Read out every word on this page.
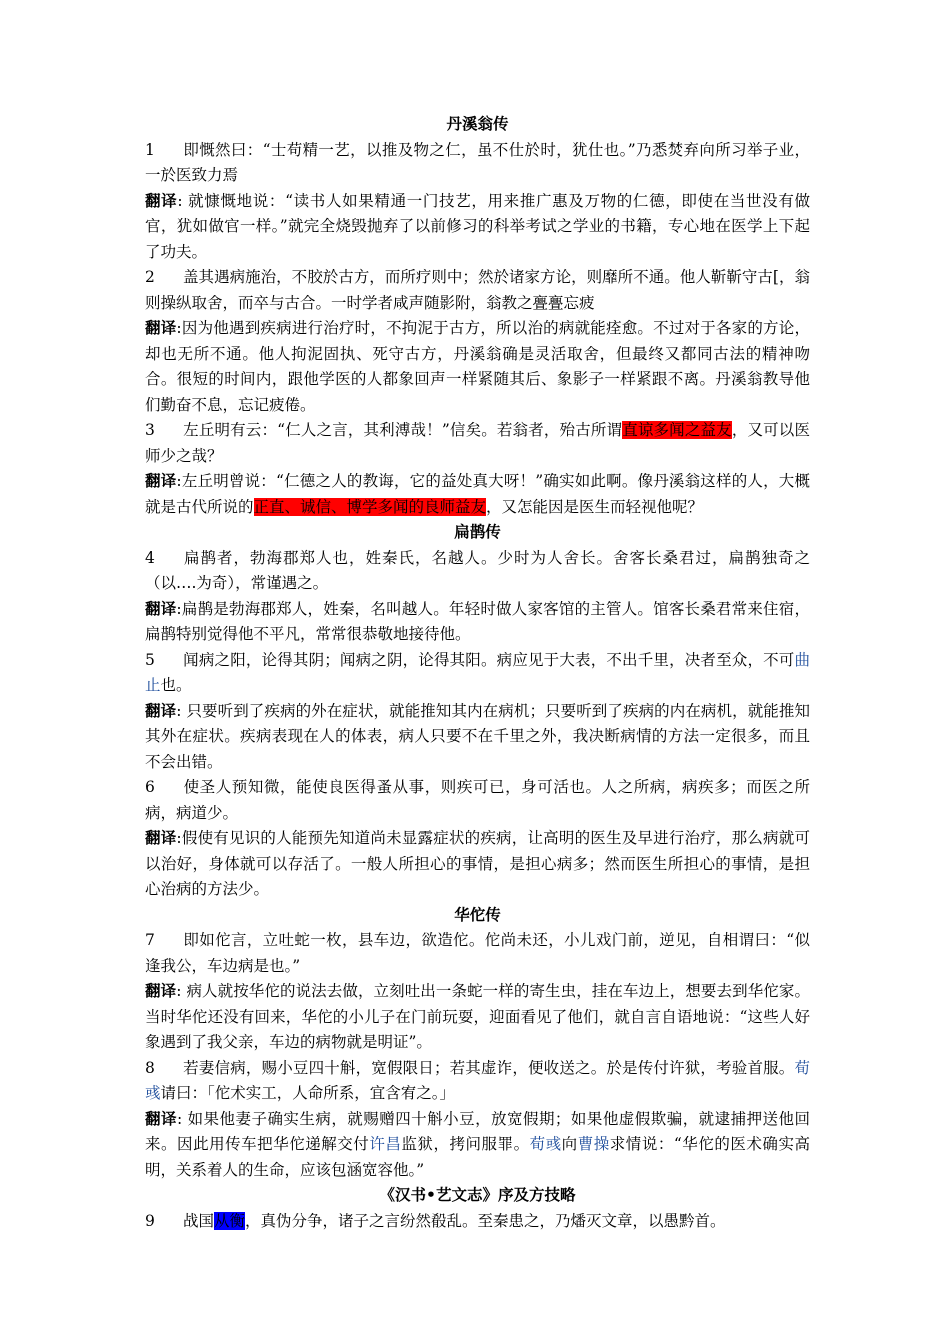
丹溪翁传

1 即慨然曰：“士苟精一艺，以推及物之仁，虽不仕於时，犹仕也。”乃悉焚弃向所习举子业，一於医致力焉

翻译: 就慷慨地说：“读书人如果精通一门技艺，用来推广惠及万物的仁德，即使在当世没有做官，犹如做官一样。”就完全烧毁抛弃了以前修习的科举考试之学业的书籍，专心地在医学上下起了功夫。

2 盖其遇病施治，不胶於古方，而所疗则中；然於诸家方论，则靡所不通。他人靳靳守古[，翁则操纵取舍，而卒与古合。一时学者咸声随影附，翁教之亹亹忘疲

翻译:因为他遇到疾病进行治疗时，不拘泥于古方，所以治的病就能痊愈。不过对于各家的方论，却也无所不通。他人拘泥固执、死守古方，丹溪翁确是灵活取舍，但最终又都同古法的精神吻合。很短的时间内，跟他学医的人都象回声一样紧随其后、象影子一样紧跟不离。丹溪翁教导他们勤奋不息，忘记疲倦。

3 左丘明有云：“仁人之言，其利溥哉！”信矣。若翁者，殆古所谓直谅多闻之益友，又可以医师少之哉？

翻译:左丘明曾说：“仁德之人的教诲，它的益处真大呀！”确实如此啊。像丹溪翁这样的人，大概就是古代所说的正直、诚信、博学多闻的良师益友，又怎能因是医生而轻视他呢？

扁鹊传

4 扁鹊者，勃海郡郑人也，姓秦氏，名越人。少时为人舍长。舍客长桑君过，扁鹊独奇之（以….为奇），常谨遇之。

翻译:扁鹊是勃海郡郑人，姓秦，名叫越人。年轻时做人家客馆的主管人。馆客长桑君常来住宿，扁鹊特别觉得他不平凡，常常很恭敬地接待他。

5 闻病之阳，论得其阴；闻病之阴，论得其阳。病应见于大表，不出千里，决者至众，不可曲止也。

翻译: 只要听到了疾病的外在症状，就能推知其内在病机；只要听到了疾病的内在病机，就能推知其外在症状。疾病表现在人的体表，病人只要不在千里之外，我决断病情的方法一定很多，而且不会出错。

6 使圣人预知微，能使良医得蚤从事，则疾可已，身可活也。人之所病，病疾多；而医之所病，病道少。

翻译:假使有见识的人能预先知道尚未显露症状的疾病，让高明的医生及早进行治疗，那么病就可以治好，身体就可以存活了。一般人所担心的事情，是担心病多；然而医生所担心的事情，是担心治病的方法少。

华佗传

7 即如佗言，立吐蛇一枚，县车边，欲造佗。佗尚未还，小儿戏门前，逆见，自相谓曰：“似逢我公，车边病是也。”

翻译: 病人就按华佗的说法去做，立刻吐出一条蛇一样的寄生虫，挂在车边上，想要去到华佗家。当时华佗还没有回来，华佗的小儿子在门前玩耍，迎面看见了他们，就自言自语地说：“这些人好象遇到了我父亲，车边的病物就是明证”。

8 若妻信病，赐小豆四十斛，宽假限日；若其虚诈，便收送之。於是传付许狱，考验首服。荀彧请曰：「佗术实工，人命所系，宜含宥之。」

翻译: 如果他妻子确实生病，就赐赠四十斛小豆，放宽假期；如果他虚假欺骗，就逮捕押送他回来。因此用传车把华佗递解交付许昌监狱，拷问服罪。荀彧向曹操求情说：“华佗的医术确实高明，关系着人的生命，应该包涵宽容他。”

《汉书•艺文志》序及方技略

9 战国从衡，真伪分争，诸子之言纷然殽乱。至秦患之，乃燔灭文章，以愚黔首。
